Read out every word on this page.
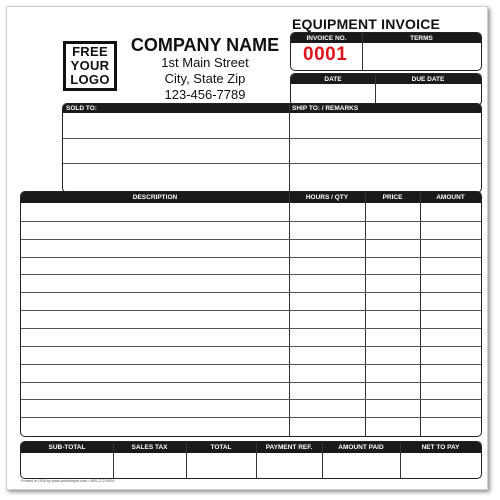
FREE
YOUR
LOGO
COMPANY NAME
1st Main Street
City, State Zip
123-456-7789
EQUIPMENT INVOICE
INVOICE NO.	TERMS
0001
DATE	DUE DATE
SOLD TO:	SHIP TO: / REMARKS
DESCRIPTION	HOURS / QTY	PRICE	AMOUNT
SUB-TOTAL	SALES TAX	TOTAL	PAYMENT REF.	AMOUNT PAID	NET TO PAY
Printed in USA by www.printsimple.com • 800-272-5591
